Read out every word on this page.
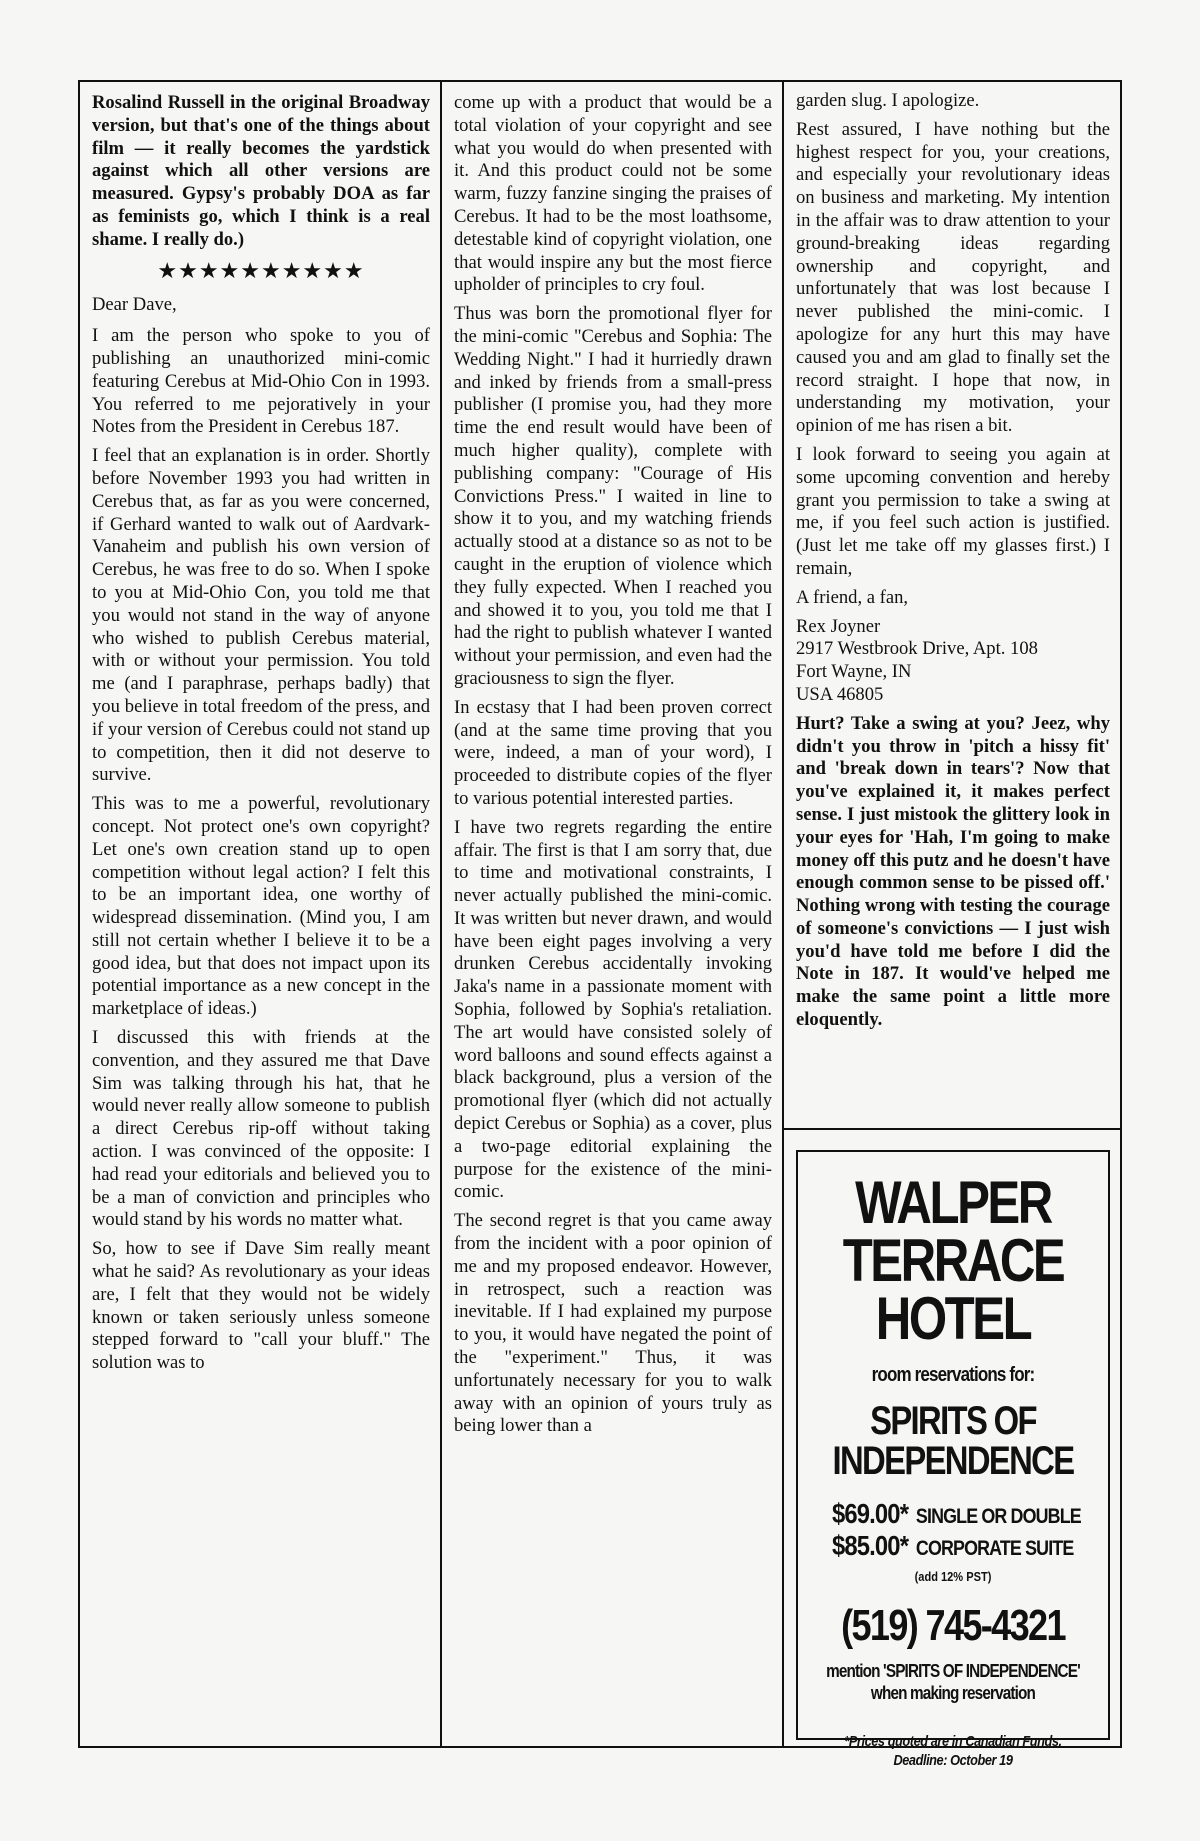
Rosalind Russell in the original Broadway version, but that's one of the things about film — it really becomes the yardstick against which all other versions are measured. Gypsy's probably DOA as far as feminists go, which I think is a real shame. I really do.)

★★★★★★★★★★

Dear Dave,

I am the person who spoke to you of publishing an unauthorized mini-comic featuring Cerebus at Mid-Ohio Con in 1993. You referred to me pejoratively in your Notes from the President in Cerebus 187.

I feel that an explanation is in order. Shortly before November 1993 you had written in Cerebus that, as far as you were concerned, if Gerhard wanted to walk out of Aardvark-Vanaheim and publish his own version of Cerebus, he was free to do so. When I spoke to you at Mid-Ohio Con, you told me that you would not stand in the way of anyone who wished to publish Cerebus material, with or without your permission. You told me (and I paraphrase, perhaps badly) that you believe in total freedom of the press, and if your version of Cerebus could not stand up to competition, then it did not deserve to survive.

This was to me a powerful, revolutionary concept. Not protect one's own copyright? Let one's own creation stand up to open competition without legal action? I felt this to be an important idea, one worthy of widespread dissemination. (Mind you, I am still not certain whether I believe it to be a good idea, but that does not impact upon its potential importance as a new concept in the marketplace of ideas.)

I discussed this with friends at the convention, and they assured me that Dave Sim was talking through his hat, that he would never really allow someone to publish a direct Cerebus rip-off without taking action. I was convinced of the opposite: I had read your editorials and believed you to be a man of conviction and principles who would stand by his words no matter what.

So, how to see if Dave Sim really meant what he said? As revolutionary as your ideas are, I felt that they would not be widely known or taken seriously unless someone stepped forward to "call your bluff." The solution was to

come up with a product that would be a total violation of your copyright and see what you would do when presented with it. And this product could not be some warm, fuzzy fanzine singing the praises of Cerebus. It had to be the most loathsome, detestable kind of copyright violation, one that would inspire any but the most fierce upholder of principles to cry foul.

Thus was born the promotional flyer for the mini-comic "Cerebus and Sophia: The Wedding Night." I had it hurriedly drawn and inked by friends from a small-press publisher (I promise you, had they more time the end result would have been of much higher quality), complete with publishing company: "Courage of His Convictions Press." I waited in line to show it to you, and my watching friends actually stood at a distance so as not to be caught in the eruption of violence which they fully expected. When I reached you and showed it to you, you told me that I had the right to publish whatever I wanted without your permission, and even had the graciousness to sign the flyer.

In ecstasy that I had been proven correct (and at the same time proving that you were, indeed, a man of your word), I proceeded to distribute copies of the flyer to various potential interested parties.

I have two regrets regarding the entire affair. The first is that I am sorry that, due to time and motivational constraints, I never actually published the mini-comic. It was written but never drawn, and would have been eight pages involving a very drunken Cerebus accidentally invoking Jaka's name in a passionate moment with Sophia, followed by Sophia's retaliation. The art would have consisted solely of word balloons and sound effects against a black background, plus a version of the promotional flyer (which did not actually depict Cerebus or Sophia) as a cover, plus a two-page editorial explaining the purpose for the existence of the mini-comic.

The second regret is that you came away from the incident with a poor opinion of me and my proposed endeavor. However, in retrospect, such a reaction was inevitable. If I had explained my purpose to you, it would have negated the point of the "experiment." Thus, it was unfortunately necessary for you to walk away with an opinion of yours truly as being lower than a

garden slug. I apologize.

Rest assured, I have nothing but the highest respect for you, your creations, and especially your revolutionary ideas on business and marketing. My intention in the affair was to draw attention to your ground-breaking ideas regarding ownership and copyright, and unfortunately that was lost because I never published the mini-comic. I apologize for any hurt this may have caused you and am glad to finally set the record straight. I hope that now, in understanding my motivation, your opinion of me has risen a bit.

I look forward to seeing you again at some upcoming convention and hereby grant you permission to take a swing at me, if you feel such action is justified. (Just let me take off my glasses first.) I remain,

A friend, a fan,

Rex Joyner

2917 Westbrook Drive, Apt. 108

Fort Wayne, IN

USA 46805

Hurt? Take a swing at you? Jeez, why didn't you throw in 'pitch a hissy fit' and 'break down in tears'? Now that you've explained it, it makes perfect sense. I just mistook the glittery look in your eyes for 'Hah, I'm going to make money off this putz and he doesn't have enough common sense to be pissed off.' Nothing wrong with testing the courage of someone's convictions — I just wish you'd have told me before I did the Note in 187. It would've helped me make the same point a little more eloquently.

WALPER
TERRACE
HOTEL
room reservations for:
SPIRITS OF
INDEPENDENCE
$69.00* SINGLE OR DOUBLE
$85.00* CORPORATE SUITE
(add 12% PST)
(519) 745-4321
mention 'SPIRITS OF INDEPENDENCE'
when making reservation
*Prices quoted are in Canadian Funds.
Deadline: October 19
